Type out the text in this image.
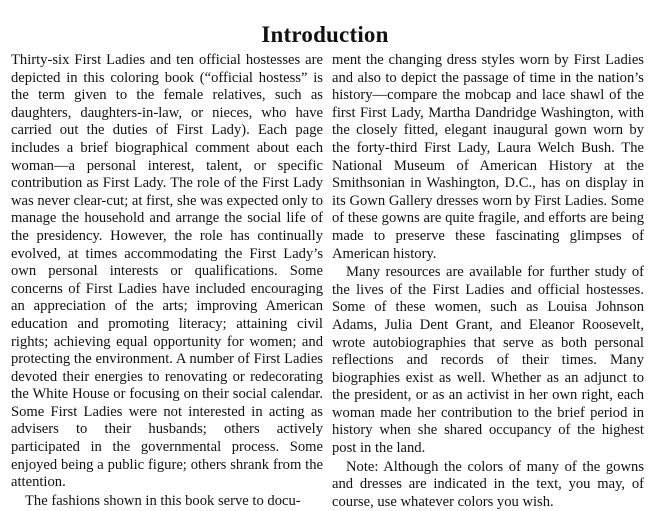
Introduction

Thirty-six First Ladies and ten official hostesses are depicted in this coloring book (“official hostess” is the term given to the female relatives, such as daughters, daughters-in-law, or nieces, who have carried out the duties of First Lady). Each page includes a brief biographical comment about each woman—a personal interest, talent, or specific contribution as First Lady. The role of the First Lady was never clear-cut; at first, she was expected only to manage the household and arrange the social life of the presidency. However, the role has continually evolved, at times accommodating the First Lady’s own personal interests or qualifications. Some concerns of First Ladies have included encouraging an appreciation of the arts; improving American education and promoting literacy; attaining civil rights; achieving equal opportunity for women; and protecting the environment. A number of First Ladies devoted their energies to renovating or redecorating the White House or focusing on their social calendar. Some First Ladies were not interested in acting as advisers to their husbands; others actively participated in the governmental process. Some enjoyed being a public figure; others shrank from the attention.

The fashions shown in this book serve to docu-

ment the changing dress styles worn by First Ladies and also to depict the passage of time in the nation’s history—compare the mobcap and lace shawl of the first First Lady, Martha Dandridge Washington, with the closely fitted, elegant inaugural gown worn by the forty-third First Lady, Laura Welch Bush. The National Museum of American History at the Smithsonian in Washington, D.C., has on display in its Gown Gallery dresses worn by First Ladies. Some of these gowns are quite fragile, and efforts are being made to preserve these fascinating glimpses of American history.

Many resources are available for further study of the lives of the First Ladies and official hostesses. Some of these women, such as Louisa Johnson Adams, Julia Dent Grant, and Eleanor Roosevelt, wrote autobiographies that serve as both personal reflections and records of their times. Many biographies exist as well. Whether as an adjunct to the president, or as an activist in her own right, each woman made her contribution to the brief period in history when she shared occupancy of the highest post in the land.

Note: Although the colors of many of the gowns and dresses are indicated in the text, you may, of course, use whatever colors you wish.
